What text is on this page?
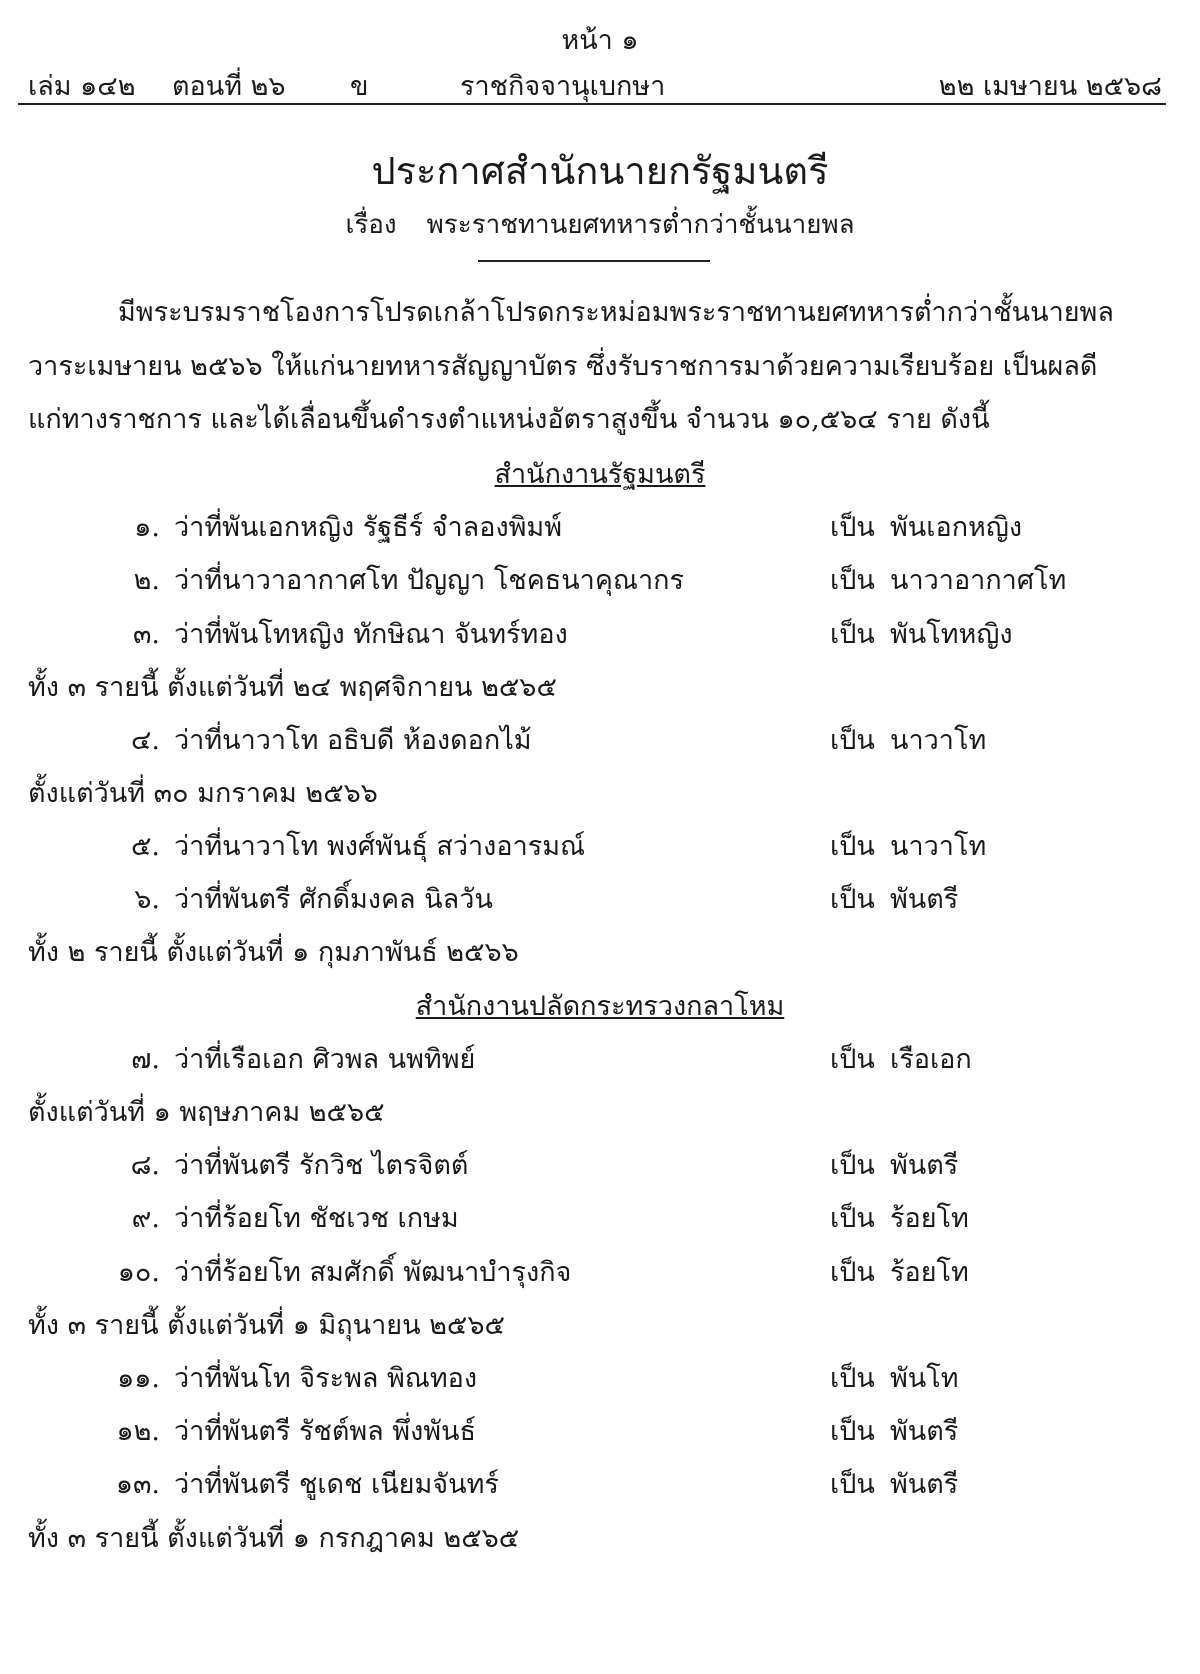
หน้า ๑
เล่ม ๑๔๒ ตอนที่ ๒๖ ข	ราชกิจจานุเบกษา	๒๒ เมษายน ๒๕๖๘
ประกาศสำนักนายกรัฐมนตรี
เรื่อง พระราชทานยศทหารต่ำกว่าชั้นนายพล
มีพระบรมราชโองการโปรดเกล้าโปรดกระหม่อมพระราชทานยศทหารต่ำกว่าชั้นนายพล
วาระเมษายน ๒๕๖๖ ให้แก่นายทหารสัญญาบัตร ซึ่งรับราชการมาด้วยความเรียบร้อย เป็นผลดี
แก่ทางราชการ และได้เลื่อนขึ้นดำรงตำแหน่งอัตราสูงขึ้น จำนวน ๑๐,๕๖๔ ราย ดังนี้
สำนักงานรัฐมนตรี
๑. ว่าที่พันเอกหญิง รัฐธีร์ จำลองพิมพ์	เป็น พันเอกหญิง
๒. ว่าที่นาวาอากาศโท ปัญญา โชคธนาคุณากร	เป็น นาวาอากาศโท
๓. ว่าที่พันโทหญิง ทักษิณา จันทร์ทอง	เป็น พันโทหญิง
ทั้ง ๓ รายนี้ ตั้งแต่วันที่ ๒๔ พฤศจิกายน ๒๕๖๕
๔. ว่าที่นาวาโท อธิบดี ห้องดอกไม้	เป็น นาวาโท
ตั้งแต่วันที่ ๓๐ มกราคม ๒๕๖๖
๕. ว่าที่นาวาโท พงศ์พันธุ์ สว่างอารมณ์	เป็น นาวาโท
๖. ว่าที่พันตรี ศักดิ์มงคล นิลวัน	เป็น พันตรี
ทั้ง ๒ รายนี้ ตั้งแต่วันที่ ๑ กุมภาพันธ์ ๒๕๖๖
สำนักงานปลัดกระทรวงกลาโหม
๗. ว่าที่เรือเอก ศิวพล นพทิพย์	เป็น เรือเอก
ตั้งแต่วันที่ ๑ พฤษภาคม ๒๕๖๕
๘. ว่าที่พันตรี รักวิช ไตรจิตต์	เป็น พันตรี
๙. ว่าที่ร้อยโท ชัชเวช เกษม	เป็น ร้อยโท
๑๐. ว่าที่ร้อยโท สมศักดิ์ พัฒนาบำรุงกิจ	เป็น ร้อยโท
ทั้ง ๓ รายนี้ ตั้งแต่วันที่ ๑ มิถุนายน ๒๕๖๕
๑๑. ว่าที่พันโท จิระพล พิณทอง	เป็น พันโท
๑๒. ว่าที่พันตรี รัชต์พล พึ่งพันธ์	เป็น พันตรี
๑๓. ว่าที่พันตรี ชูเดช เนียมจันทร์	เป็น พันตรี
ทั้ง ๓ รายนี้ ตั้งแต่วันที่ ๑ กรกฎาคม ๒๕๖๕
